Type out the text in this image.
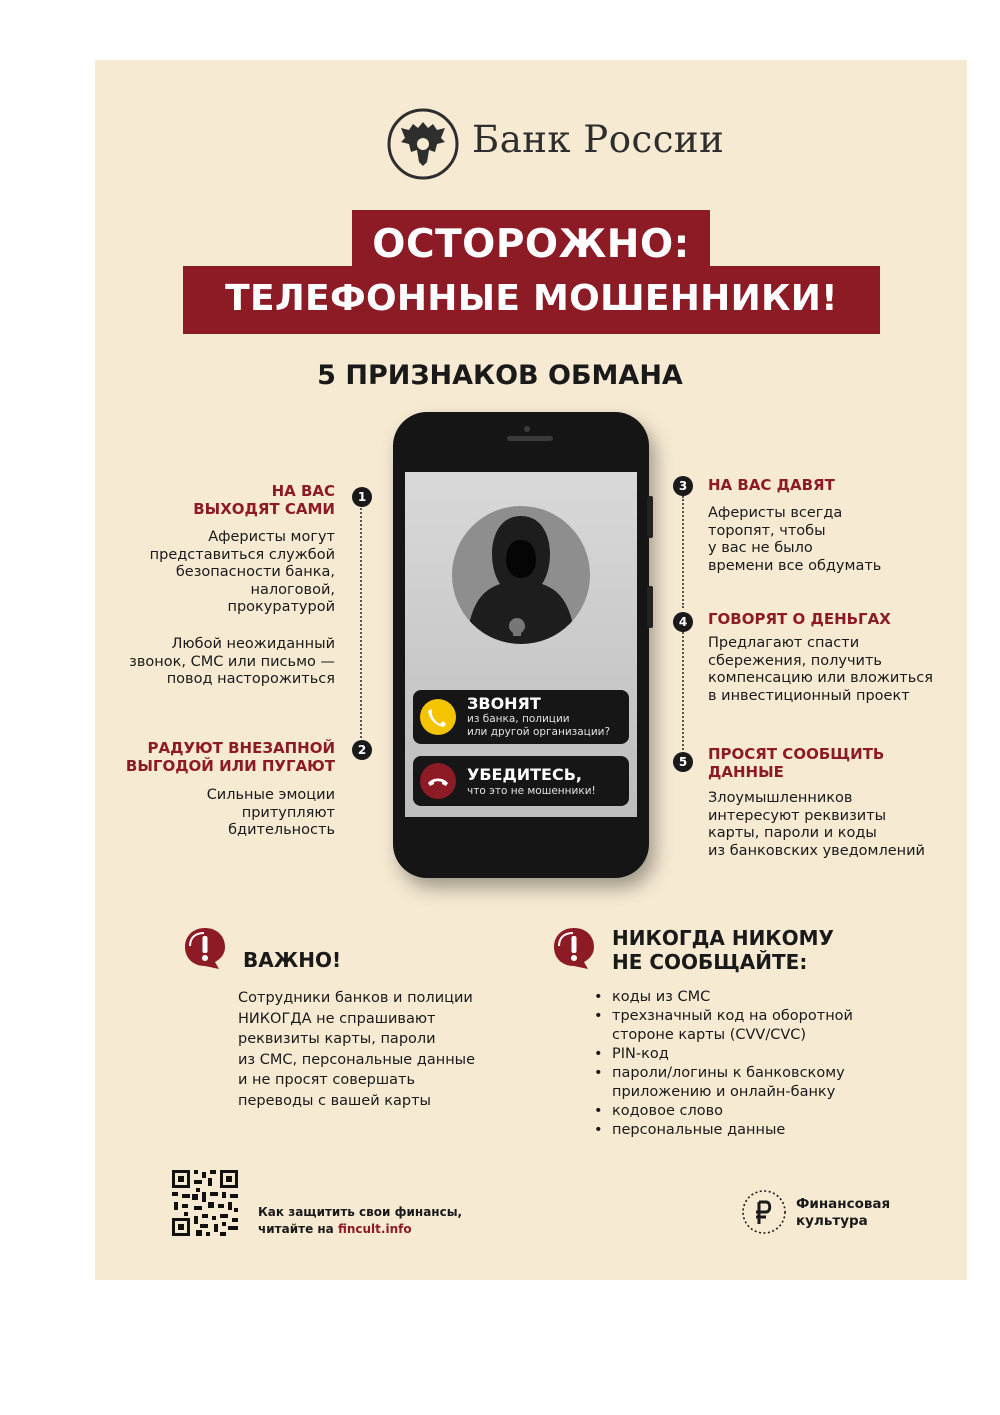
Банк России
ОСТОРОЖНО:
ТЕЛЕФОННЫЕ МОШЕННИКИ!
5 ПРИЗНАКОВ ОБМАНА
ЗВОНЯТ
из банка, полиции
или другой организации?
УБЕДИТЕСЬ,
что это не мошенники!
1
НА ВАС
ВЫХОДЯТ САМИ
Аферисты могут
представиться службой
безопасности банка,
налоговой,
прокуратурой
Любой неожиданный
звонок, СМС или письмо —
повод насторожиться
2
РАДУЮТ ВНЕЗАПНОЙ
ВЫГОДОЙ ИЛИ ПУГАЮТ
Сильные эмоции
притупляют
бдительность
3	НА ВАС ДАВЯТ
Аферисты всегда
торопят, чтобы
у вас не было
времени все обдумать
4	ГОВОРЯТ О ДЕНЬГАХ
Предлагают спасти
сбережения, получить
компенсацию или вложиться
в инвестиционный проект
5	ПРОСЯТ СООБЩИТЬ
ДАННЫЕ
Злоумышленников
интересуют реквизиты
карты, пароли и коды
из банковских уведомлений
ВАЖНО!
Сотрудники банков и полиции
НИКОГДА не спрашивают
реквизиты карты, пароли
из СМС, персональные данные
и не просят совершать
переводы с вашей карты
НИКОГДА НИКОМУ
НЕ СООБЩАЙТЕ:
• коды из СМС
• трехзначный код на оборотной
стороне карты (CVV/CVC)
• PIN-код
• пароли/логины к банковскому
приложению и онлайн-банку
• кодовое слово
• персональные данные
Как защитить свои финансы,
читайте на fincult.info
Финансовая
культура
